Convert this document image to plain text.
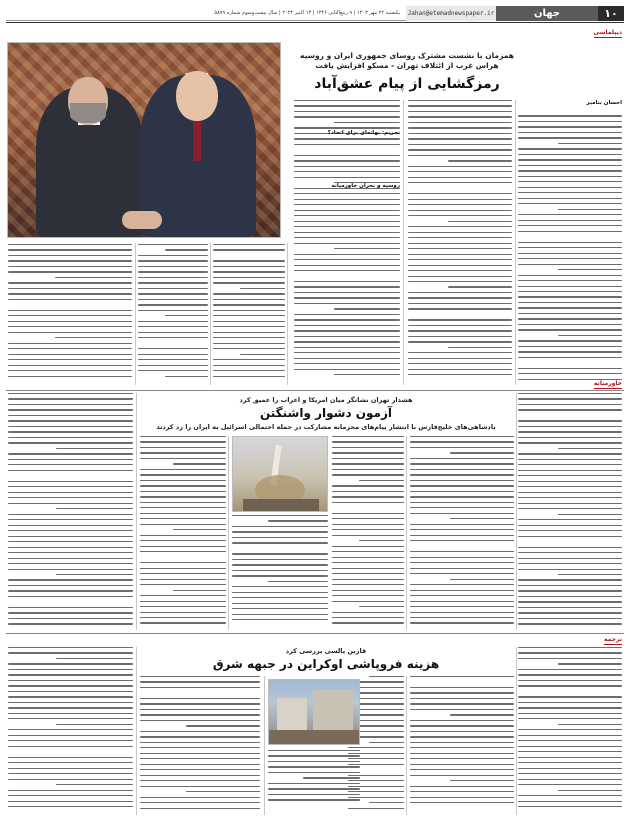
۱۰
جهان
Jahan@etemadnewspaper.ir
یکشنبه ۲۲ مهر ۱۴۰۳ | ۹ ربیع‌الثانی ۱۴۴۶ | ۱۳ اکتبر ۲۰۲۴ | سال بیست‌وسوم شماره ۵۸۷۹
دیپلماسی
همزمان با نشست مشترک روسای جمهوری ایران و روسیه
هراس غرب از ائتلاف تهران - مسکو افزایش یافت
رمزگشایی از پیام عشق‌آباد
احسان بنامیر
تحریم: بهانه‌ای برای اتحاد؟
روسیه و بحران خاورمیانه
خاورمیانه
هشدار تهران نشانگر میان امریکا و اعراب را عمیق کرد
آزمون دشوار واشنگتن
پادشاهی‌های خلیج‌فارس با انتشار پیام‌های محرمانه مشارکت در حمله احتمالی اسرائیل به ایران را رد کردند
ترجمه
قاربن پالسی بررسی کرد
هزینه فروپاشی اوکراین در جبهه شرق
